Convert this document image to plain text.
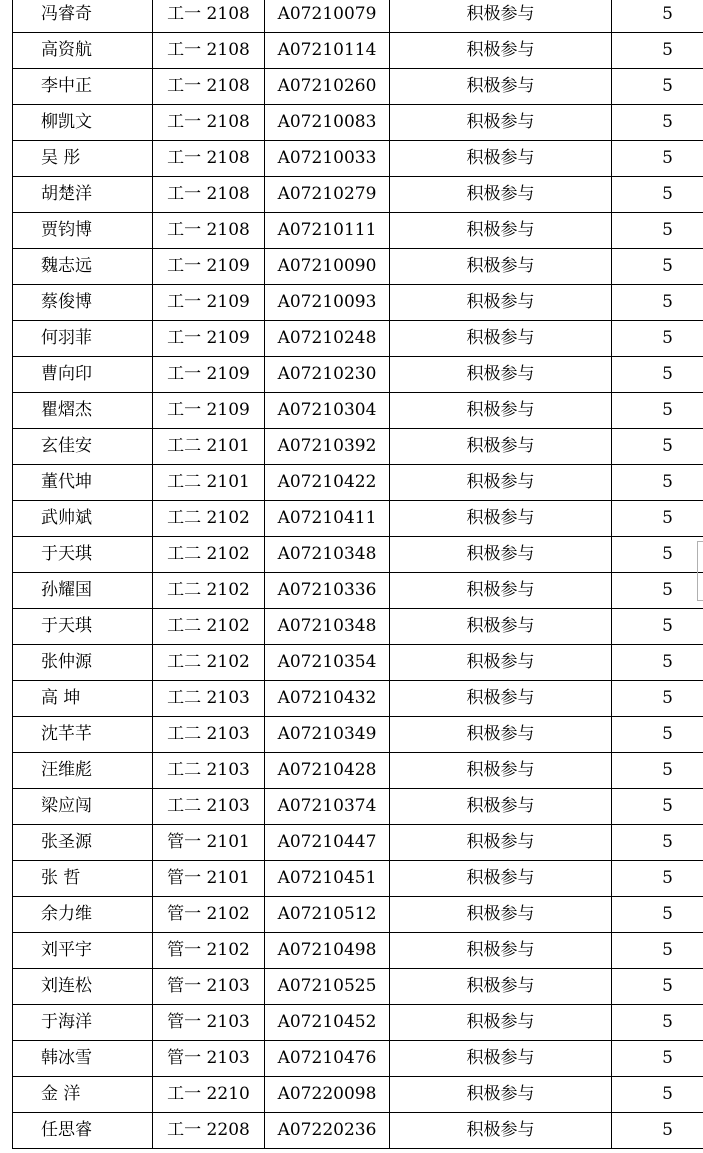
冯睿奇	工一 2108	A07210079	积极参与	5
高资航	工一 2108	A07210114	积极参与	5
李中正	工一 2108	A07210260	积极参与	5
柳凯文	工一 2108	A07210083	积极参与	5
吴 彤	工一 2108	A07210033	积极参与	5
胡楚洋	工一 2108	A07210279	积极参与	5
贾钧博	工一 2108	A07210111	积极参与	5
魏志远	工一 2109	A07210090	积极参与	5
蔡俊博	工一 2109	A07210093	积极参与	5
何羽菲	工一 2109	A07210248	积极参与	5
曹向印	工一 2109	A07210230	积极参与	5
瞿熠杰	工一 2109	A07210304	积极参与	5
玄佳安	工二 2101	A07210392	积极参与	5
董代坤	工二 2101	A07210422	积极参与	5
武帅斌	工二 2102	A07210411	积极参与	5
于天琪	工二 2102	A07210348	积极参与	5
孙耀国	工二 2102	A07210336	积极参与	5
于天琪	工二 2102	A07210348	积极参与	5
张仲源	工二 2102	A07210354	积极参与	5
高 坤	工二 2103	A07210432	积极参与	5
沈芊芊	工二 2103	A07210349	积极参与	5
汪维彪	工二 2103	A07210428	积极参与	5
梁应闯	工二 2103	A07210374	积极参与	5
张圣源	管一 2101	A07210447	积极参与	5
张 哲	管一 2101	A07210451	积极参与	5
余力维	管一 2102	A07210512	积极参与	5
刘平宇	管一 2102	A07210498	积极参与	5
刘连松	管一 2103	A07210525	积极参与	5
于海洋	管一 2103	A07210452	积极参与	5
韩冰雪	管一 2103	A07210476	积极参与	5
金 洋	工一 2210	A07220098	积极参与	5
任思睿	工一 2208	A07220236	积极参与	5
